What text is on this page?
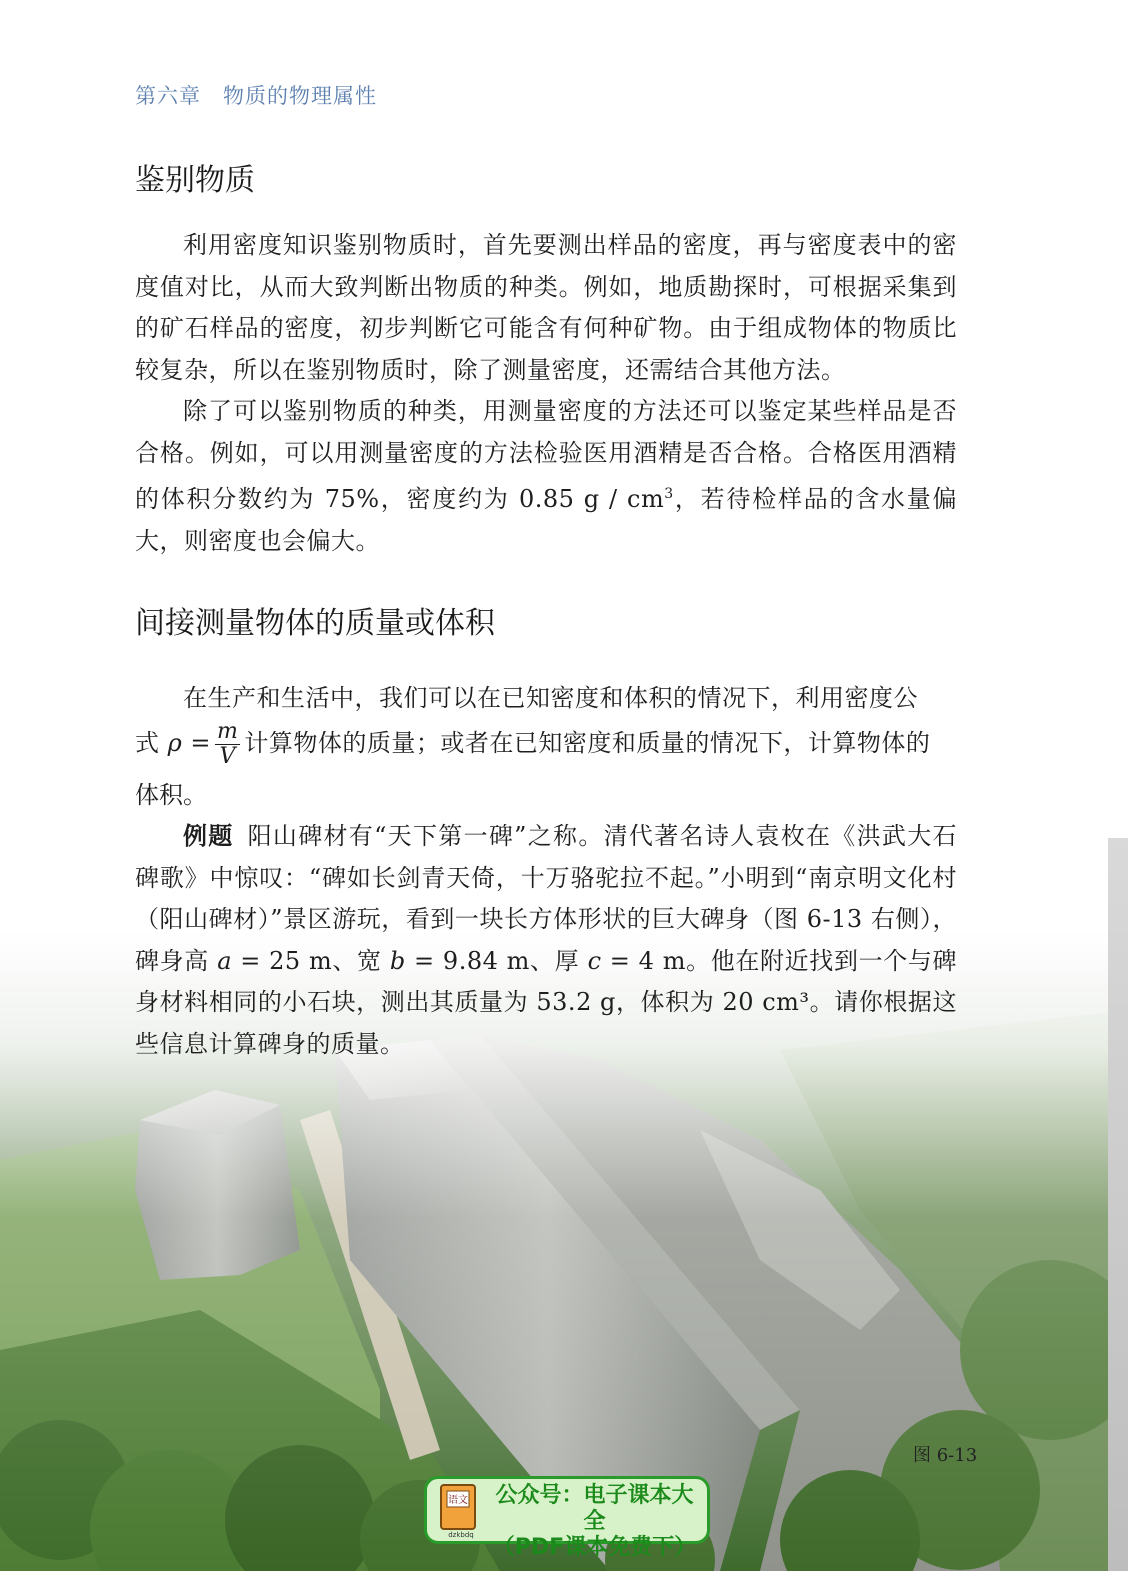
第六章　物质的物理属性
鉴别物质

利用密度知识鉴别物质时，首先要测出样品的密度，再与密度表中的密度值对比，从而大致判断出物质的种类。例如，地质勘探时，可根据采集到的矿石样品的密度，初步判断它可能含有何种矿物。由于组成物体的物质比较复杂，所以在鉴别物质时，除了测量密度，还需结合其他方法。

除了可以鉴别物质的种类，用测量密度的方法还可以鉴定某些样品是否合格。例如，可以用测量密度的方法检验医用酒精是否合格。合格医用酒精的体积分数约为 75%，密度约为 0.85 g / $cm^3$，若待检样品的含水量偏大，则密度也会偏大。

间接测量物体的质量或体积

在生产和生活中，我们可以在已知密度和体积的情况下，利用密度公

式 $\rho = \frac{m}{V}$ 计算物体的质量；或者在已知密度和质量的情况下，计算物体的
体积。

例题 阳山碑材有“天下第一碑”之称。清代著名诗人袁枚在《洪武大石碑歌》中惊叹：“碑如长剑青天倚，十万骆驼拉不起。”小明到“南京明文化村（阳山碑材）”景区游玩，看到一块长方体形状的巨大碑身（图 6-13 右侧），碑身高 a = 25 m、宽 b = 9.84 m、厚 c = 4 m。他在附近找到一个与碑身材料相同的小石块，测出其质量为 53.2 g，体积为 20 cm³。请你根据这些信息计算碑身的质量。

图 6-13
语文
dzkbdq
公众号：电子课本大全
（PDF课本免费下）
